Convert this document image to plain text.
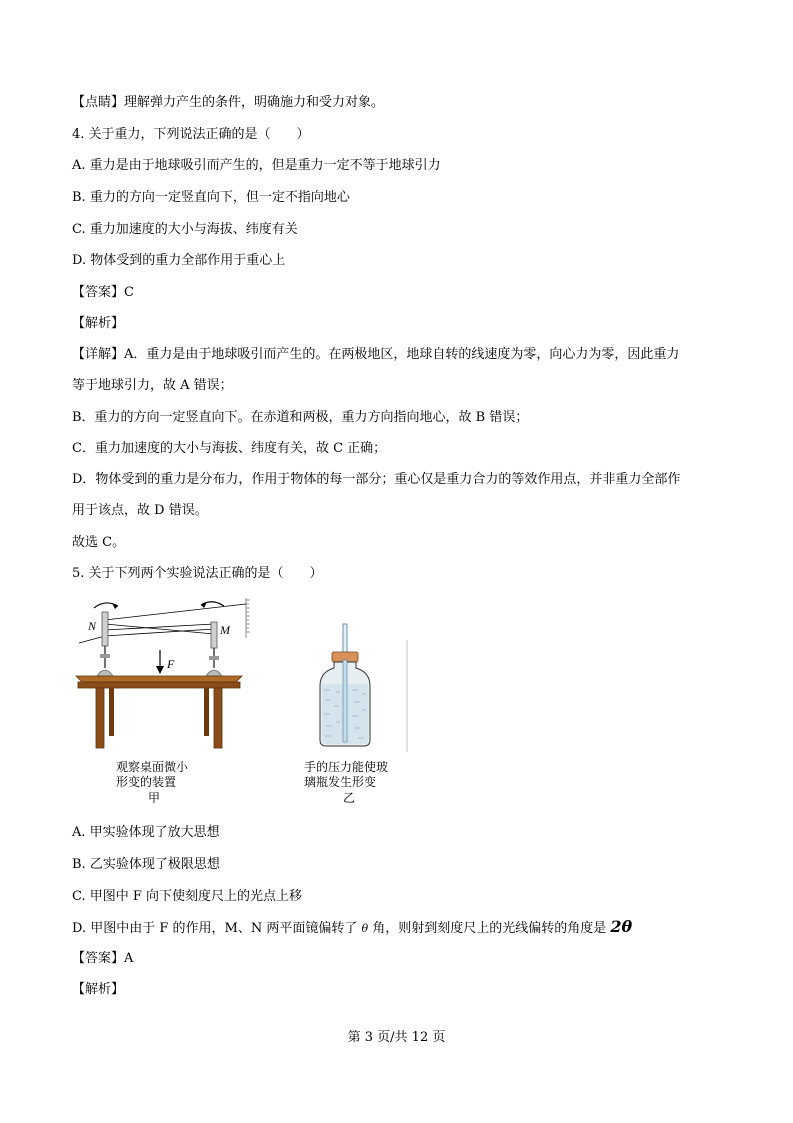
【点睛】理解弹力产生的条件，明确施力和受力对象。
4. 关于重力，下列说法正确的是（　　）
A. 重力是由于地球吸引而产生的，但是重力一定不等于地球引力
B. 重力的方向一定竖直向下，但一定不指向地心
C. 重力加速度的大小与海拔、纬度有关
D. 物体受到的重力全部作用于重心上
【答案】C
【解析】
【详解】A．重力是由于地球吸引而产生的。在两极地区，地球自转的线速度为零，向心力为零，因此重力
等于地球引力，故 A 错误；
B．重力的方向一定竖直向下。在赤道和两极，重力方向指向地心，故 B 错误；
C．重力加速度的大小与海拔、纬度有关，故 C 正确；
D．物体受到的重力是分布力，作用于物体的每一部分；重心仅是重力合力的等效作用点，并非重力全部作
用于该点，故 D 错误。
故选 C。
5. 关于下列两个实验说法正确的是（　　）
N	M
F
观察桌面微小
形变的装置
甲
手的压力能使玻
璃瓶发生形变
乙
A. 甲实验体现了放大思想
B. 乙实验体现了极限思想
C. 甲图中 F 向下使刻度尺上的光点上移
D. 甲图中由于 F 的作用，M、N 两平面镜偏转了 θ 角，则射到刻度尺上的光线偏转的角度是 2θ
【答案】A
【解析】
第 3 页/共 12 页
